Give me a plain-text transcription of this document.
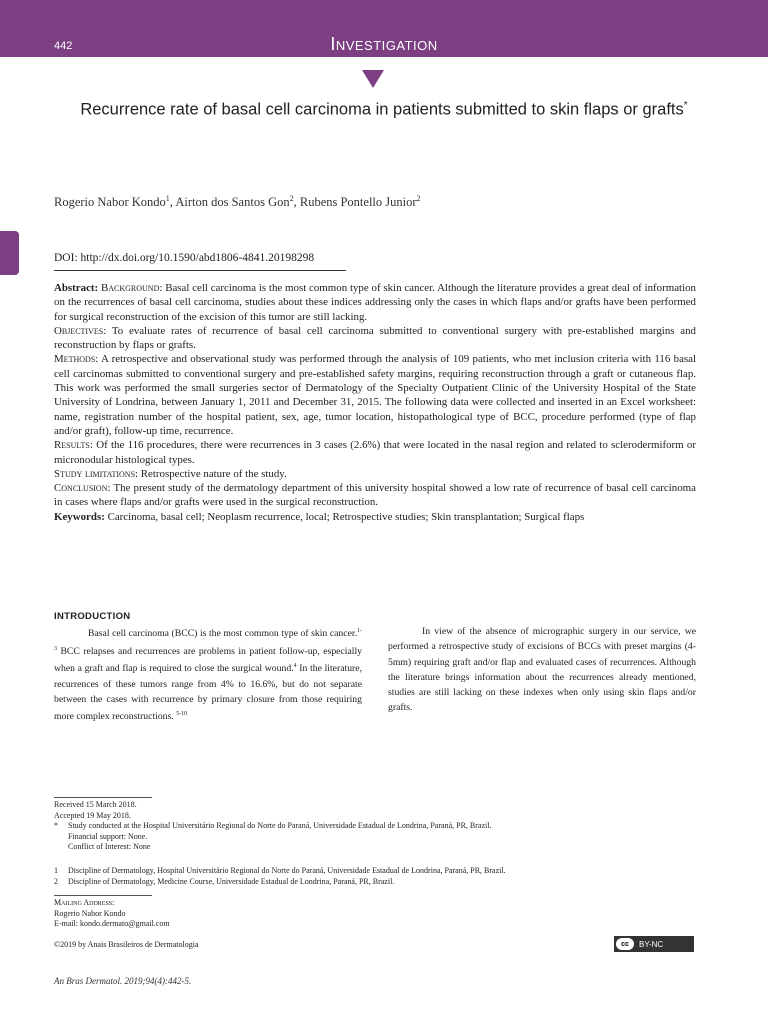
442	Investigation
Recurrence rate of basal cell carcinoma in patients submitted to skin flaps or grafts*
Rogerio Nabor Kondo$^1$, Airton dos Santos Gon$^2$, Rubens Pontello Junior$^2$
DOI: http://dx.doi.org/10.1590/abd1806-4841.20198298

Abstract: Background: Basal cell carcinoma is the most common type of skin cancer. Although the literature provides a great deal of information on the recurrences of basal cell carcinoma, studies about these indices addressing only the cases in which flaps and/or grafts have been performed for surgical reconstruction of the excision of this tumor are still lacking.

Objectives: To evaluate rates of recurrence of basal cell carcinoma submitted to conventional surgery with pre-established margins and reconstruction by flaps or grafts.

Methods: A retrospective and observational study was performed through the analysis of 109 patients, who met inclusion criteria with 116 basal cell carcinomas submitted to conventional surgery and pre-established safety margins, requiring reconstruction through a graft or cutaneous flap. This work was performed the small surgeries sector of Dermatology of the Specialty Outpatient Clinic of the University Hospital of the State University of Londrina, between January 1, 2011 and December 31, 2015. The following data were collected and inserted in an Excel worksheet: name, registration number of the hospital patient, sex, age, tumor location, histopathological type of BCC, procedure performed (type of flap and/or graft), follow-up time, recurrence.

Results: Of the 116 procedures, there were recurrences in 3 cases (2.6%) that were located in the nasal region and related to sclerodermiform or micronodular histological types.

Study limitations: Retrospective nature of the study.

Conclusion: The present study of the dermatology department of this university hospital showed a low rate of recurrence of basal cell carcinoma in cases where flaps and/or grafts were used in the surgical reconstruction.

Keywords: Carcinoma, basal cell; Neoplasm recurrence, local; Retrospective studies; Skin transplantation; Surgical flaps

INTRODUCTION

Basal cell carcinoma (BCC) is the most common type of skin cancer.$^{1-3}$ BCC relapses and recurrences are problems in patient follow-up, especially when a graft and flap is required to close the surgical wound.$^4$ In the literature, recurrences of these tumors range from 4% to 16.6%, but do not separate between the cases with recurrence by primary closure from those requiring more complex reconstructions. $^{5-10}$

In view of the absence of micrographic surgery in our service, we performed a retrospective study of excisions of BCCs with preset margins (4-5mm) requiring graft and/or flap and evaluated cases of recurrences. Although the literature brings information about the recurrences already mentioned, studies are still lacking on these indexes when only using skin flaps and/or grafts.

Received 15 March 2018.
Accepted 19 May 2018.
*	Study conducted at the Hospital Universitário Regional do Norte do Paraná, Universidade Estadual de Londrina, Paraná, PR, Brazil.
Financial support: None.
Conflict of Interest: None
1	Discipline of Dermatology, Hospital Universitário Regional do Norte do Paraná, Universidade Estadual de Londrina, Paraná, PR, Brazil.
2	Discipline of Dermatology, Medicine Course, Universidade Estadual de Londrina, Paraná, PR, Brazil.
Mailing Address:
Rogerio Nabor Kondo
E-mail: kondo.dermato@gmail.com
©2019 by Anais Brasileiros de Dermatologia	cc	BY-NC
An Bras Dermatol. 2019;94(4):442-5.
